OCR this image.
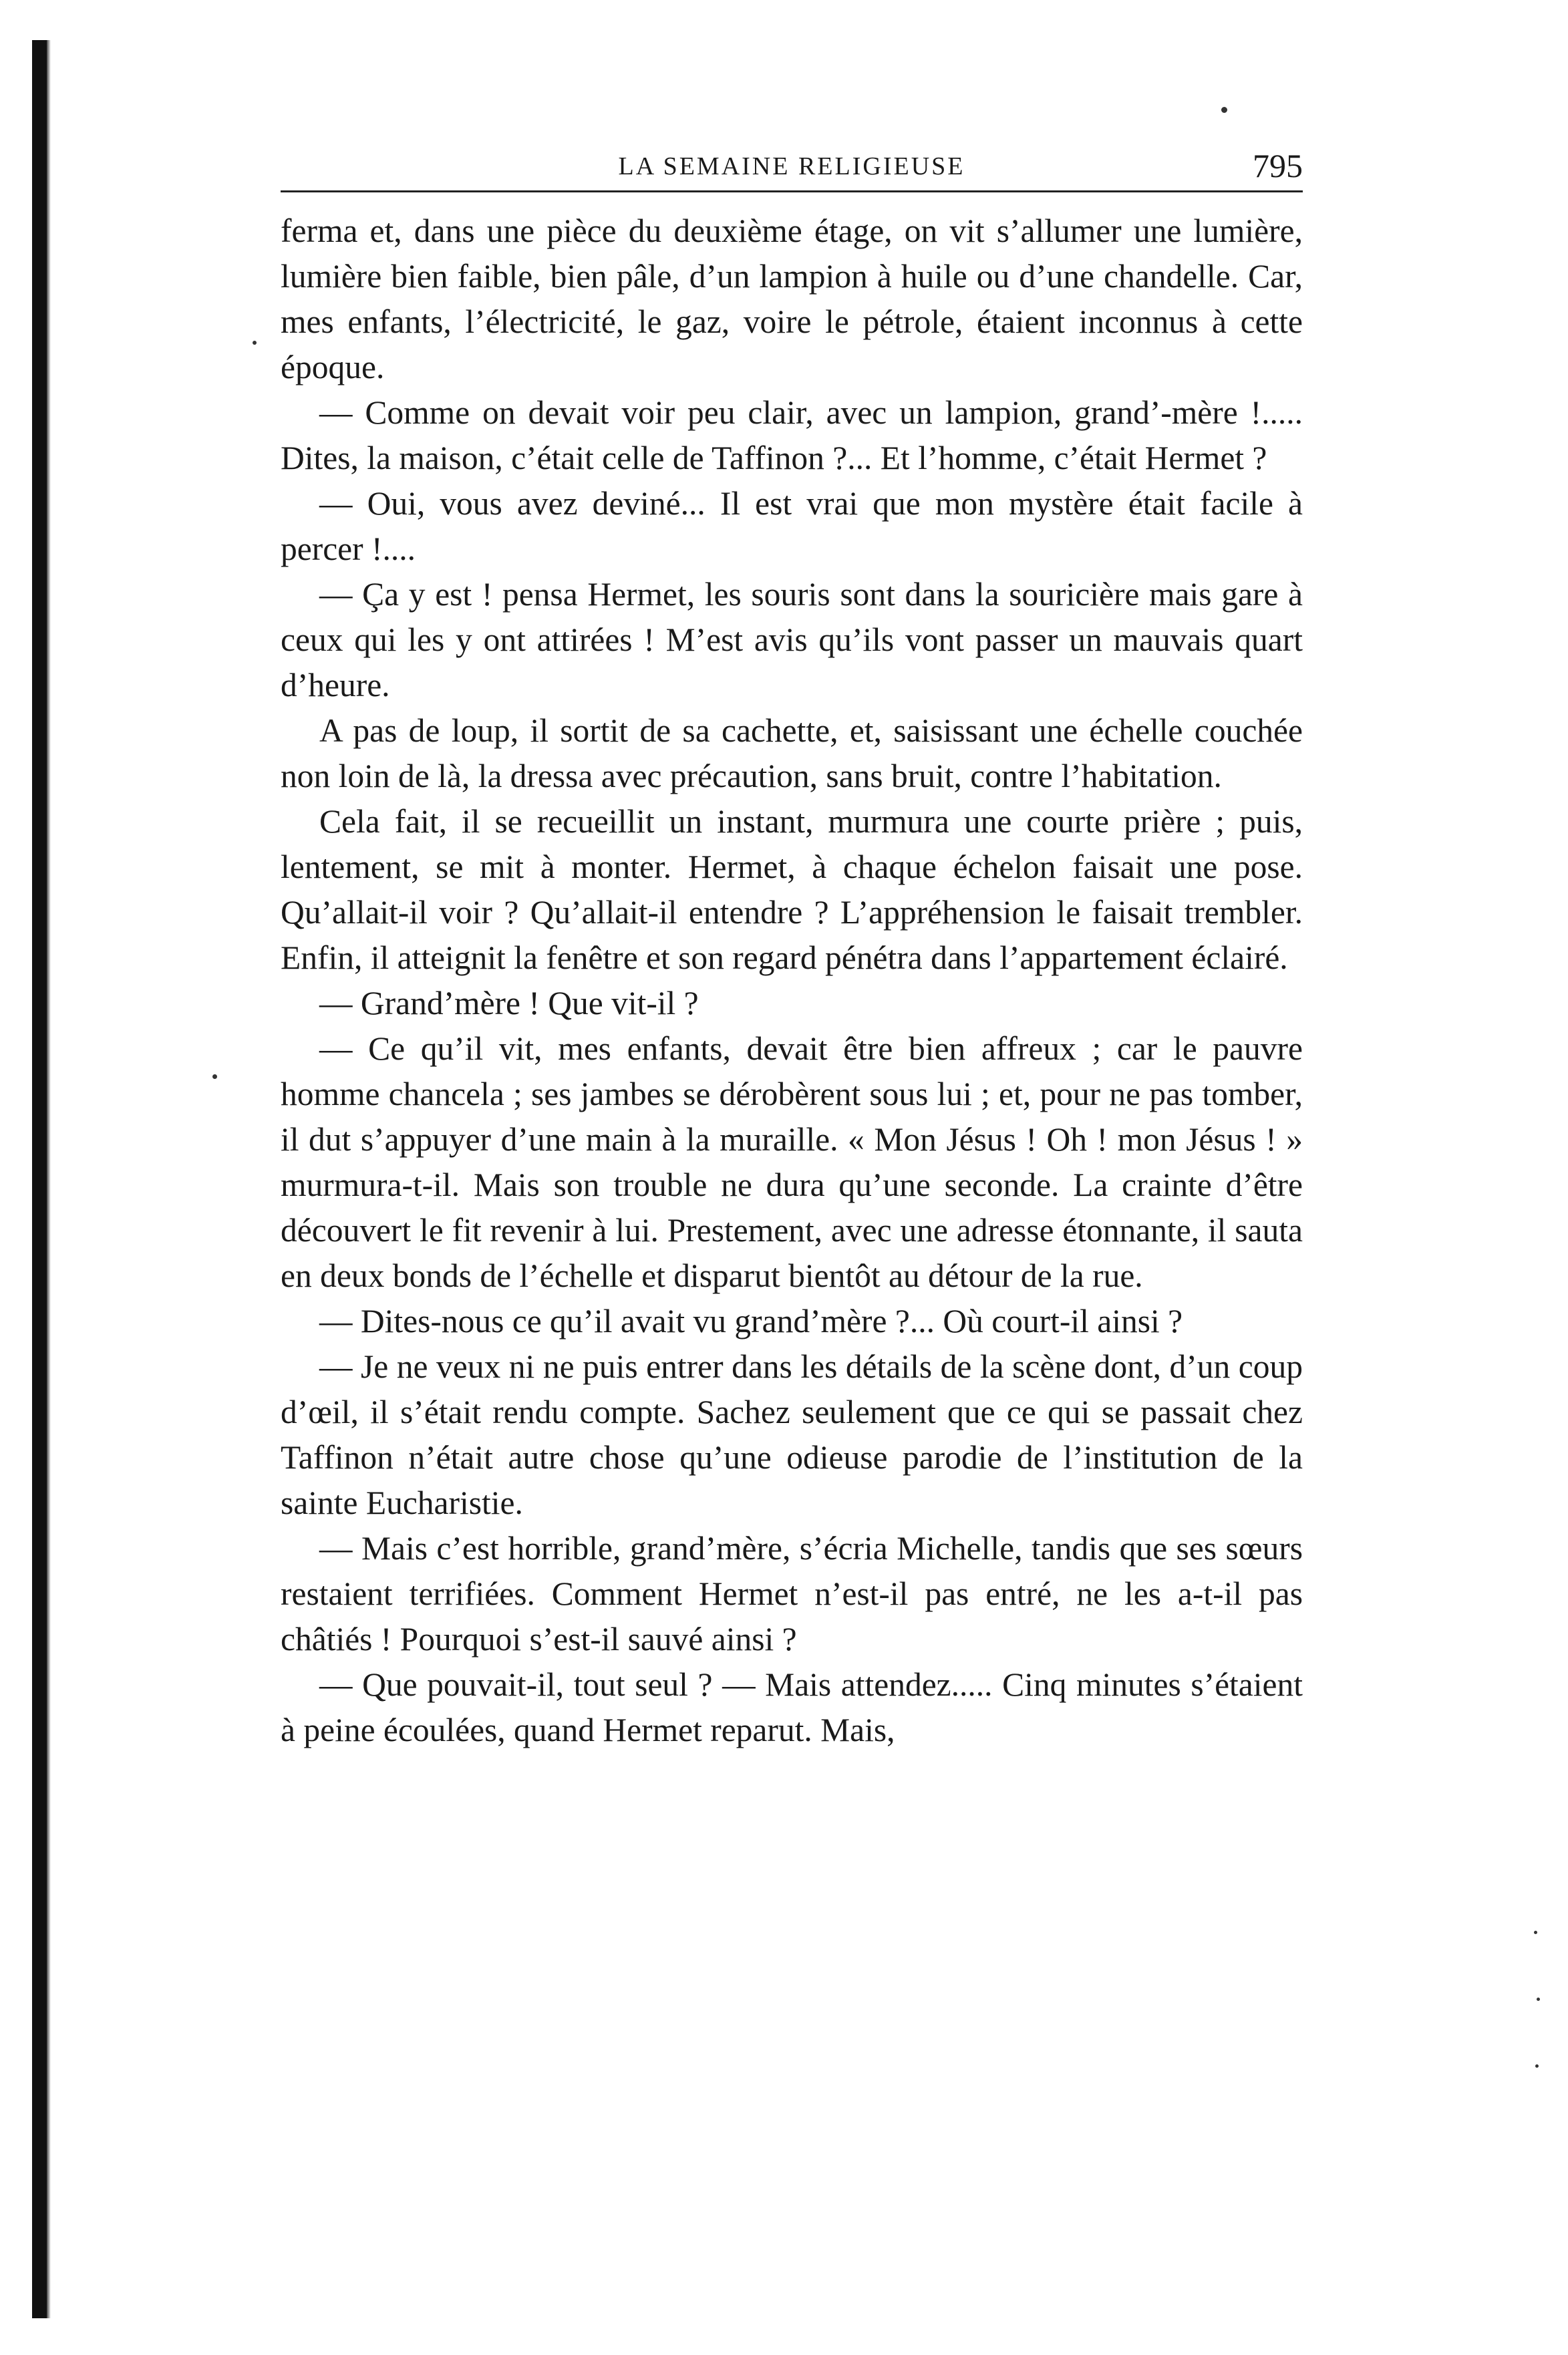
LA SEMAINE RELIGIEUSE	795

ferma et, dans une pièce du deuxième étage, on vit s’allumer une lumière, lumière bien faible, bien pâle, d’un lampion à huile ou d’une chandelle. Car, mes enfants, l’électricité, le gaz, voire le pétrole, étaient inconnus à cette époque.

— Comme on devait voir peu clair, avec un lampion, grand’-mère !..... Dites, la maison, c’était celle de Taffinon ?... Et l’homme, c’était Hermet ?

— Oui, vous avez deviné... Il est vrai que mon mystère était facile à percer !....

— Ça y est ! pensa Hermet, les souris sont dans la souricière mais gare à ceux qui les y ont attirées ! M’est avis qu’ils vont passer un mauvais quart d’heure.

A pas de loup, il sortit de sa cachette, et, saisissant une échelle couchée non loin de là, la dressa avec précaution, sans bruit, contre l’habitation.

Cela fait, il se recueillit un instant, murmura une courte prière ; puis, lentement, se mit à monter. Hermet, à chaque échelon faisait une pose. Qu’allait-il voir ? Qu’allait-il entendre ? L’appréhension le faisait trembler. Enfin, il atteignit la fenêtre et son regard pénétra dans l’appartement éclairé.

— Grand’mère ! Que vit-il ?

— Ce qu’il vit, mes enfants, devait être bien affreux ; car le pauvre homme chancela ; ses jambes se dérobèrent sous lui ; et, pour ne pas tomber, il dut s’appuyer d’une main à la muraille. « Mon Jésus ! Oh ! mon Jésus ! » murmura-t-il. Mais son trouble ne dura qu’une seconde. La crainte d’être découvert le fit revenir à lui. Prestement, avec une adresse étonnante, il sauta en deux bonds de l’échelle et disparut bientôt au détour de la rue.

— Dites-nous ce qu’il avait vu grand’mère ?... Où court-il ainsi ?

— Je ne veux ni ne puis entrer dans les détails de la scène dont, d’un coup d’œil, il s’était rendu compte. Sachez seulement que ce qui se passait chez Taffinon n’était autre chose qu’une odieuse parodie de l’institution de la sainte Eucharistie.

— Mais c’est horrible, grand’mère, s’écria Michelle, tandis que ses sœurs restaient terrifiées. Comment Hermet n’est-il pas entré, ne les a-t-il pas châtiés ! Pourquoi s’est-il sauvé ainsi ?

— Que pouvait-il, tout seul ? — Mais attendez..... Cinq minutes s’étaient à peine écoulées, quand Hermet reparut. Mais,
